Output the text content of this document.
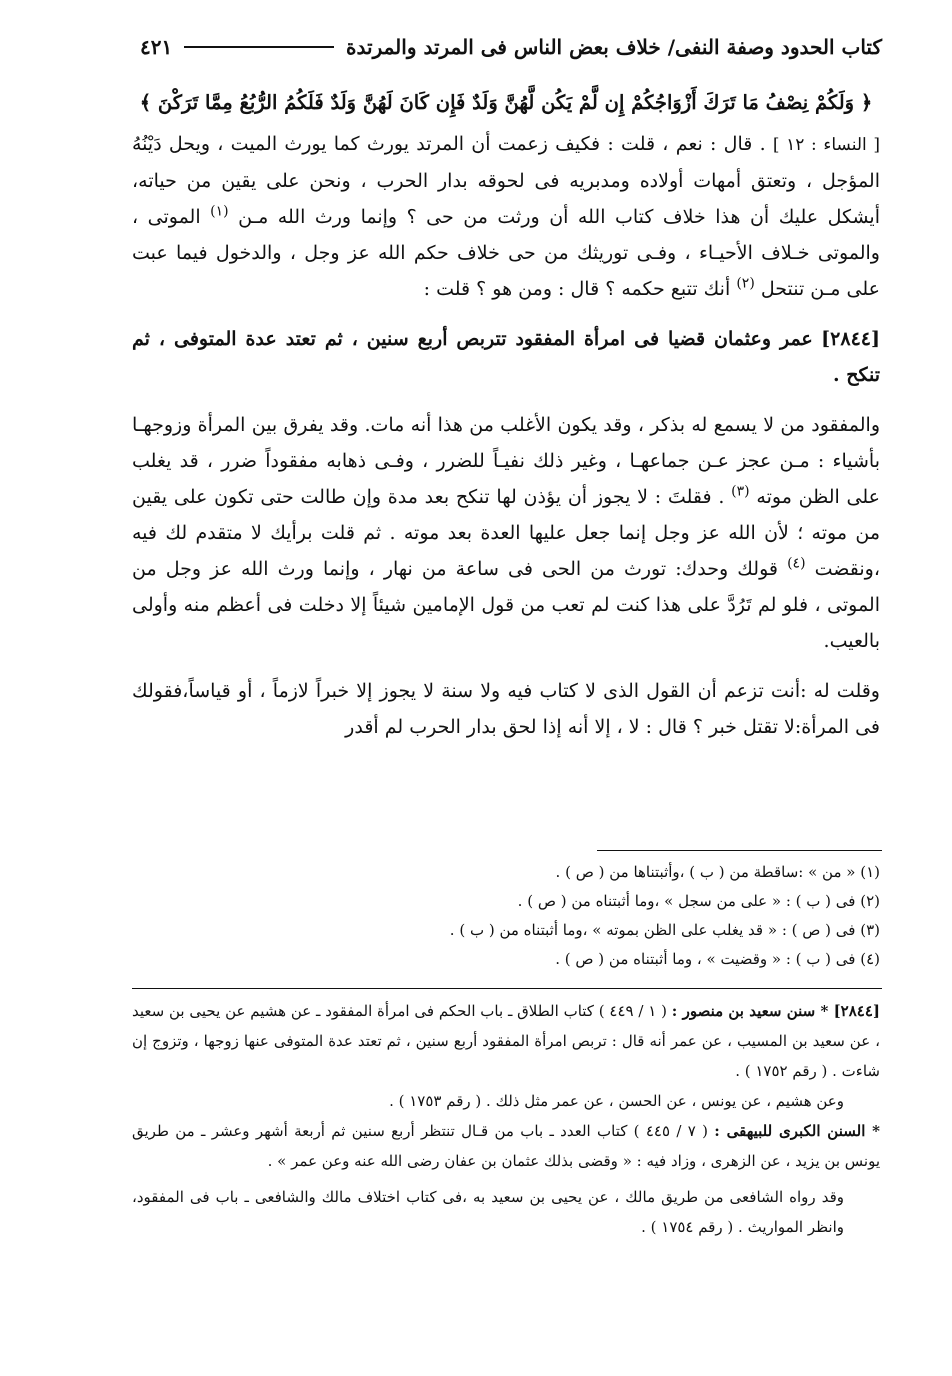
كتاب الحدود وصفة النفى/ خلاف بعض الناس فى المرتد والمرتدة
٤٢١

﴿ وَلَكُمْ نِصْفُ مَا تَرَكَ أَزْوَاجُكُمْ إِن لَّمْ يَكُن لَّهُنَّ وَلَدٌ فَإِن كَانَ لَهُنَّ وَلَدٌ فَلَكُمُ الرُّبُعُ مِمَّا تَرَكْنَ ﴾

[ النساء : ١٢ ] . قال : نعم ، قلت : فكيف زعمت أن المرتد يورث كما يورث الميت ، ويحل دَيْنُهُ المؤجل ، وتعتق أمهات أولاده ومدبريه فى لحوقه بدار الحرب ، ونحن على يقين من حياته، أيشكل عليك أن هذا خلاف كتاب الله أن ورثت من حى ؟ وإنما ورث الله مـن $^{(١)}$ الموتى ، والموتى خـلاف الأحيـاء ، وفـى توريثك من حى خلاف حكم الله عز وجل ، والدخول فيما عبت على مـن تنتحل $^{(٢)}$ أنك تتبع حكمه ؟ قال : ومن هو ؟ قلت :

[٢٨٤٤] عمر وعثمان قضيا فى امرأة المفقود تتربص أربع سنين ، ثم تعتد عدة المتوفى ، ثم تنكح .

والمفقود من لا يسمع له بذكر ، وقد يكون الأغلب من هذا أنه مات. وقد يفرق بين المرأة وزوجهـا بأشياء : مـن عجز عـن جماعهـا ، وغير ذلك نفيـاً للضرر ، وفـى ذهابه مفقوداً ضرر ، قد يغلب على الظن موته $^{(٣)}$ . فقلتَ : لا يجوز أن يؤذن لها تنكح بعد مدة وإن طالت حتى تكون على يقين من موته ؛ لأن الله عز وجل إنما جعل عليها العدة بعد موته . ثم قلت برأيك لا متقدم لك فيه ،ونقضت $^{(٤)}$ قولك وحدك: تورث من الحى فى ساعة من نهار ، وإنما ورث الله عز وجل من الموتى ، فلو لم تَرُدَّ على هذا كنت لم تعب من قول الإمامين شيئاً إلا دخلت فى أعظم منه وأولى بالعيب.

وقلت له :أنت تزعم أن القول الذى لا كتاب فيه ولا سنة لا يجوز إلا خبراً لازماً ، أو قياساً،فقولك فى المرأة:لا تقتل خبر ؟ قال : لا ، إلا أنه إذا لحق بدار الحرب لم أقدر

(١) « من » :ساقطة من ( ب ) ،وأثبتناها من ( ص ) .

(٢) فى ( ب ) : « على من سجل » ،وما أثبتناه من ( ص ) .

(٣) فى ( ص ) : « قد يغلب على الظن بموته » ،وما أثبتناه من ( ب ) .

(٤) فى ( ب ) : « وقضيت » ، وما أثبتناه من ( ص ) .

[٢٨٤٤] * سنن سعيد بن منصور : ( ١ / ٤٤٩ ) كتاب الطلاق ـ باب الحكم فى امرأة المفقود ـ عن هشيم عن يحيى بن سعيد ، عن سعيد بن المسيب ، عن عمر أنه قال : تربص امرأة المفقود أربع سنين ، ثم تعتد عدة المتوفى عنها زوجها ، وتزوج إن شاءت . ( رقم ١٧٥٢ ) .

وعن هشيم ، عن يونس ، عن الحسن ، عن عمر مثل ذلك . ( رقم ١٧٥٣ ) .

* السنن الكبرى للبيهقى : ( ٧ / ٤٤٥ ) كتاب العدد ـ باب من قـال تنتظر أربع سنين ثم أربعة أشهر وعشر ـ من طريق يونس بن يزيد ، عن الزهرى ، وزاد فيه : « وقضى بذلك عثمان بن عفان رضى الله عنه وعن عمر » .

وقد رواه الشافعى من طريق مالك ، عن يحيى بن سعيد به ،فى كتاب اختلاف مالك والشافعى ـ باب فى المفقود، وانظر المواريث . ( رقم ١٧٥٤ ) .
